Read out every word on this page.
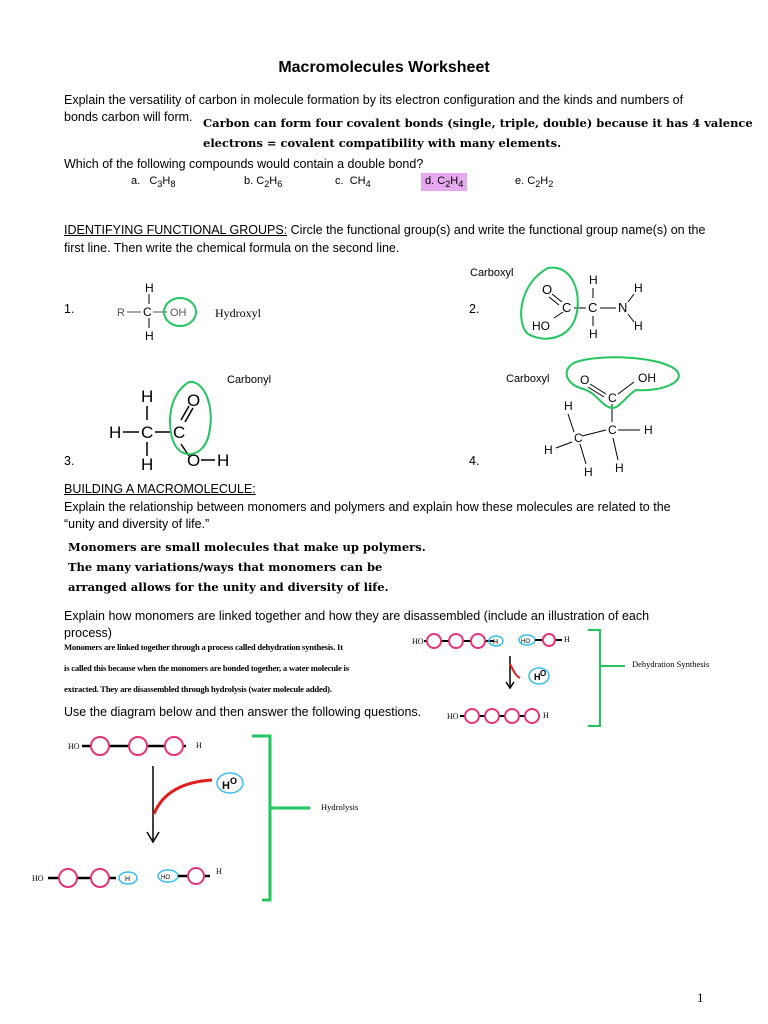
Macromolecules Worksheet
Explain the versatility of carbon in molecule formation by its electron configuration and the kinds and numbers of
bonds carbon will form. Carbon can form four covalent bonds (single, triple, double) because it has 4 valence
electrons = covalent compatibility with many elements.
Which of the following compounds would contain a double bond?
a. $C_3H_8$	b. $C_2H_6$	c. $CH_4$	d. $C_2H_4$	e. $C_2H_2$
IDENTIFYING FUNCTIONAL GROUPS: Circle the functional group(s) and write the functional group name(s) on the
first line. Then write the chemical formula on the second line.
1.	Hydroxyl	2.
Carboxyl
3.
Carbonyl
4.
Carboxyl
H
R C OH
H
O
C
HO
C
H
H
N
H
H
H
H C C
O
H O H
O
C
OH
C H
H
C
H
H
H
BUILDING A MACROMOLECULE:
Explain the relationship between monomers and polymers and explain how these molecules are related to the
“unity and diversity of life.”
Monomers are small molecules that make up polymers.
The many variations/ways that monomers can be
arranged allows for the unity and diversity of life.
Explain how monomers are linked together and how they are disassembled (include an illustration of each
process)
Monomers are linked together through a process called dehydration synthesis. It
is called this because when the monomers are bonded together, a water molecule is
extracted. They are disassembled through hydrolysis (water molecule added).
Use the diagram below and then answer the following questions.
HO	H	HO	H
H O
HO	H
Dehydration Synthesis
HO	H
H O
HO	H	HO
H
Hydrolysis
1
